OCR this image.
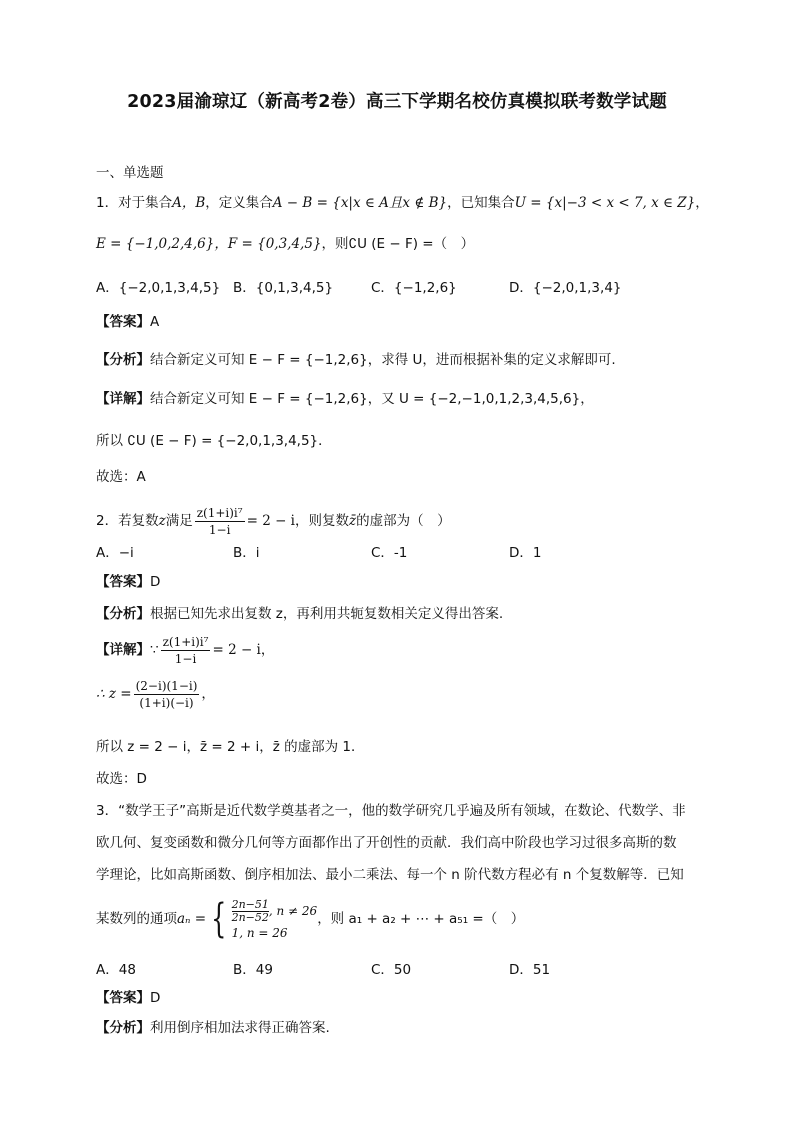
2023届渝琼辽（新高考2卷）高三下学期名校仿真模拟联考数学试题
一、单选题
1．对于集合A，B，定义集合A − B = {x|x ∈ A且x ∉ B}，已知集合U = {x|−3 < x < 7, x ∈ Z}，
E = {−1,0,2,4,6}，F = {0,3,4,5}，则∁U (E − F) =（　）
A．{−2,0,1,3,4,5} B．{0,1,3,4,5}	C．{−1,2,6}	D．{−2,0,1,3,4}
【答案】A
【分析】结合新定义可知 E − F = {−1,2,6}，求得 U，进而根据补集的定义求解即可.
【详解】结合新定义可知 E − F = {−1,2,6}，又 U = {−2,−1,0,1,2,3,4,5,6}，
所以 ∁U (E − F) = {−2,0,1,3,4,5}．
故选：A
2．若复数z满足 $\frac{\text{z(1+i)i⁷}}{1-i} = 2 - i$，则复数z̄的虚部为（　）
A．−i	B．i	C．-1	D．1
【答案】D
【分析】根据已知先求出复数 z，再利用共轭复数相关定义得出答案.
【详解】∵ $\frac{\text{z(1+i)i⁷}}{1-i} = 2 - i$，
∴ $z = \frac{(2-i)(1-i)}{(1+i)(-i)}$ ，
所以 z = 2 − i，z̄ = 2 + i，z̄ 的虚部为 1．
故选：D
3．“数学王子”高斯是近代数学奠基者之一，他的数学研究几乎遍及所有领域，在数论、代数学、非
欧几何、复变函数和微分几何等方面都作出了开创性的贡献．我们高中阶段也学习过很多高斯的数
学理论，比如高斯函数、倒序相加法、最小二乘法、每一个 n 阶代数方程必有 n 个复数解等．已知
某数列的通项aₙ = { $\frac{2n-51}{2n-52}$ , n ≠ 26
1, n = 26
，则 a₁ + a₂ + ⋯ + a₅₁ =（　）
A．48	B．49	C．50	D．51
【答案】D
【分析】利用倒序相加法求得正确答案.
